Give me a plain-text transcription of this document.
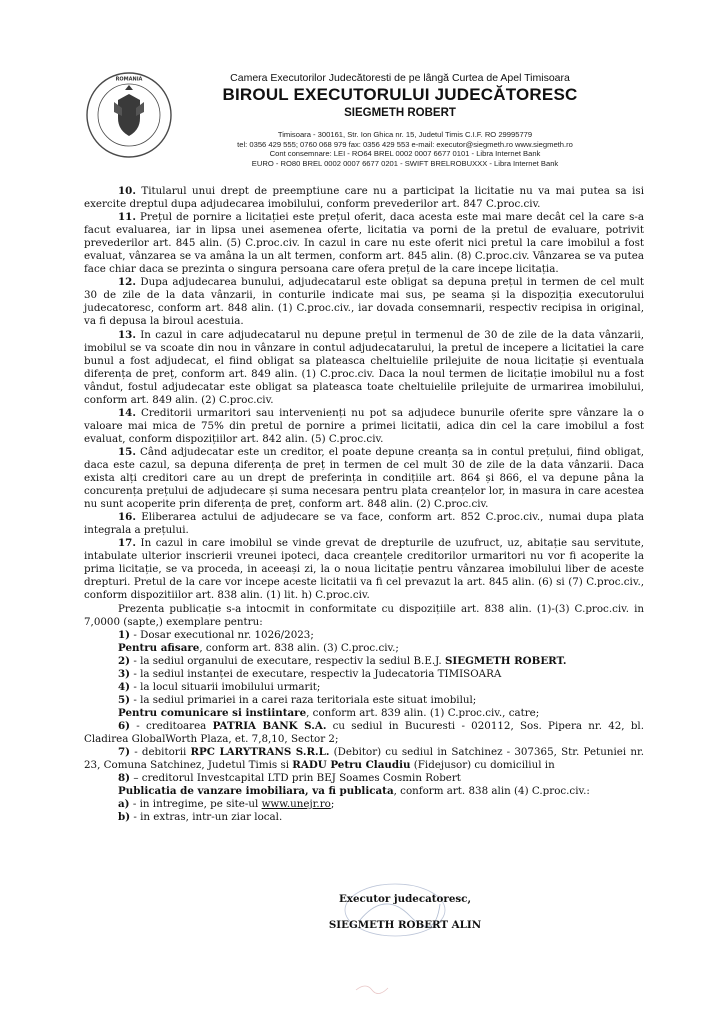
ROMANIA	Camera Executorilor Judecătoresti de pe lângă Curtea de Apel Timisoara

BIROUL EXECUTORULUI JUDECĂTORESC

SIEGMETH ROBERT

Timisoara - 300161, Str. Ion Ghica nr. 15, Judetul Timis C.I.F. RO 29995779
tel: 0356 429 555; 0760 068 979 fax: 0356 429 553 e-mail: executor@siegmeth.ro www.siegmeth.ro
Cont consemnare: LEI - RO64 BREL 0002 0007 6677 0101 - Libra Internet Bank
EURO - RO80 BREL 0002 0007 6677 0201 - SWIFT BRELROBUXXX - Libra Internet Bank

10. Titularul unui drept de preemptiune care nu a participat la licitatie nu va mai putea sa isi exercite dreptul dupa adjudecarea imobilului, conform prevederilor art. 847 C.proc.civ.

11. Prețul de pornire a licitației este prețul oferit, daca acesta este mai mare decât cel la care s-a facut evaluarea, iar in lipsa unei asemenea oferte, licitatia va porni de la pretul de evaluare, potrivit prevederilor art. 845 alin. (5) C.proc.civ. In cazul in care nu este oferit nici pretul la care imobilul a fost evaluat, vânzarea se va amâna la un alt termen, conform art. 845 alin. (8) C.proc.civ. Vânzarea se va putea face chiar daca se prezinta o singura persoana care ofera prețul de la care incepe licitația.

12. Dupa adjudecarea bunului, adjudecatarul este obligat sa depuna prețul in termen de cel mult 30 de zile de la data vânzarii, in conturile indicate mai sus, pe seama și la dispoziția executorului judecatoresc, conform art. 848 alin. (1) C.proc.civ., iar dovada consemnarii, respectiv recipisa in original, va fi depusa la biroul acestuia.

13. In cazul in care adjudecatarul nu depune prețul in termenul de 30 de zile de la data vânzarii, imobilul se va scoate din nou in vânzare in contul adjudecatarului, la pretul de incepere a licitatiei la care bunul a fost adjudecat, el fiind obligat sa plateasca cheltuielile prilejuite de noua licitație și eventuala diferența de preț, conform art. 849 alin. (1) C.proc.civ. Daca la noul termen de licitație imobilul nu a fost vândut, fostul adjudecatar este obligat sa plateasca toate cheltuielile prilejuite de urmarirea imobilului, conform art. 849 alin. (2) C.proc.civ.

14. Creditorii urmaritori sau intervenienți nu pot sa adjudece bunurile oferite spre vânzare la o valoare mai mica de 75% din pretul de pornire a primei licitatii, adica din cel la care imobilul a fost evaluat, conform dispozițiilor art. 842 alin. (5) C.proc.civ.

15. Când adjudecatar este un creditor, el poate depune creanța sa in contul prețului, fiind obligat, daca este cazul, sa depuna diferența de preț in termen de cel mult 30 de zile de la data vânzarii. Daca exista alți creditori care au un drept de preferința in condițiile art. 864 și 866, el va depune pâna la concurența prețului de adjudecare și suma necesara pentru plata creanțelor lor, in masura in care acestea nu sunt acoperite prin diferența de preț, conform art. 848 alin. (2) C.proc.civ.

16. Eliberarea actului de adjudecare se va face, conform art. 852 C.proc.civ., numai dupa plata integrala a prețului.

17. In cazul in care imobilul se vinde grevat de drepturile de uzufruct, uz, abitație sau servitute, intabulate ulterior inscrierii vreunei ipoteci, daca creanțele creditorilor urmaritori nu vor fi acoperite la prima licitație, se va proceda, in aceeași zi, la o noua licitație pentru vânzarea imobilului liber de aceste drepturi. Pretul de la care vor incepe aceste licitatii va fi cel prevazut la art. 845 alin. (6) si (7) C.proc.civ., conform dispozitiilor art. 838 alin. (1) lit. h) C.proc.civ.

Prezenta publicație s-a intocmit in conformitate cu dispozițiile art. 838 alin. (1)-(3) C.proc.civ. in 7,0000 (sapte,) exemplare pentru:

1) - Dosar executional nr. 1026/2023;

Pentru afisare, conform art. 838 alin. (3) C.proc.civ.;

2) - la sediul organului de executare, respectiv la sediul B.E.J. SIEGMETH ROBERT.

3) - la sediul instanței de executare, respectiv la Judecatoria TIMISOARA

4) - la locul situarii imobilului urmarit;

5) - la sediul primariei in a carei raza teritoriala este situat imobilul;

Pentru comunicare si instiintare, conform art. 839 alin. (1) C.proc.civ., catre;

6) - creditoarea PATRIA BANK S.A. cu sediul in Bucuresti - 020112, Sos. Pipera nr. 42, bl. Cladirea GlobalWorth Plaza, et. 7,8,10, Sector 2;

7) - debitorii RPC LARYTRANS S.R.L. (Debitor) cu sediul in Satchinez - 307365, Str. Petuniei nr. 23, Comuna Satchinez, Judetul Timis si RADU Petru Claudiu (Fidejusor) cu domiciliul in

8) – creditorul Investcapital LTD prin BEJ Soames Cosmin Robert

Publicatia de vanzare imobiliara, va fi publicata, conform art. 838 alin (4) C.proc.civ.:

a) - in intregime, pe site-ul www.unejr.ro;

b) - in extras, intr-un ziar local.

Executor judecatoresc,
SIEGMETH ROBERT ALIN
